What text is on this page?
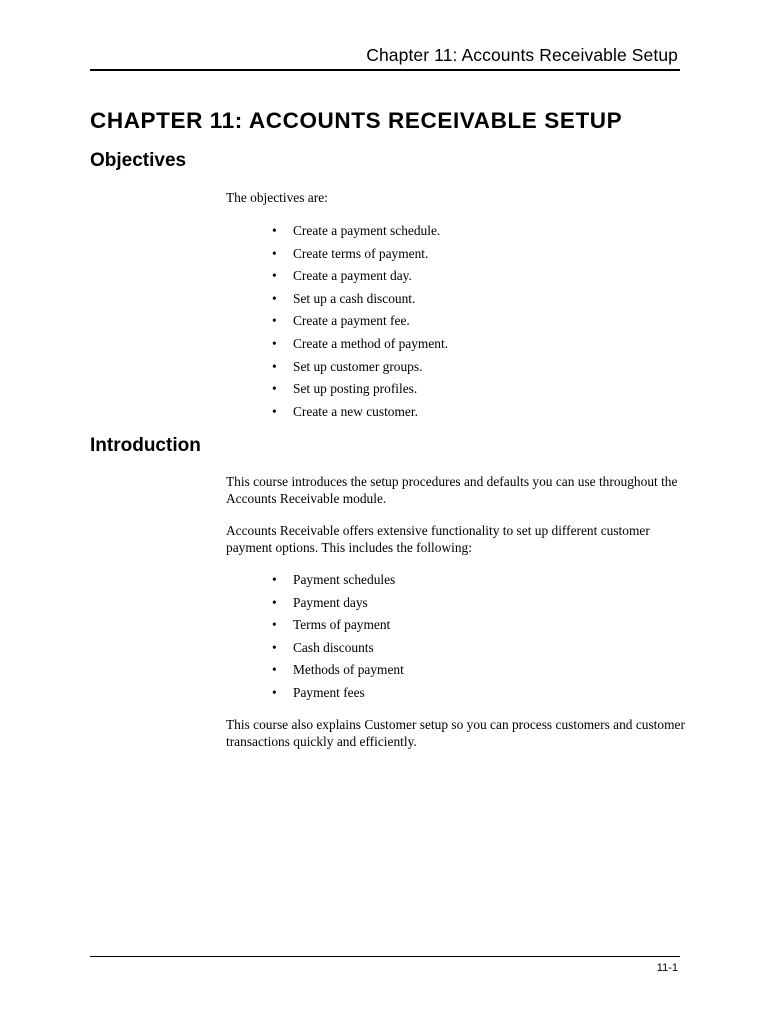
Chapter 11: Accounts Receivable Setup
CHAPTER 11: ACCOUNTS RECEIVABLE SETUP
Objectives

The objectives are:

• Create a payment schedule.
• Create terms of payment.
• Create a payment day.
• Set up a cash discount.
• Create a payment fee.
• Create a method of payment.
• Set up customer groups.
• Set up posting profiles.
• Create a new customer.
Introduction

This course introduces the setup procedures and defaults you can use throughout the Accounts Receivable module.

Accounts Receivable offers extensive functionality to set up different customer payment options. This includes the following:

• Payment schedules
• Payment days
• Terms of payment
• Cash discounts
• Methods of payment
• Payment fees

This course also explains Customer setup so you can process customers and customer transactions quickly and efficiently.

11-1
